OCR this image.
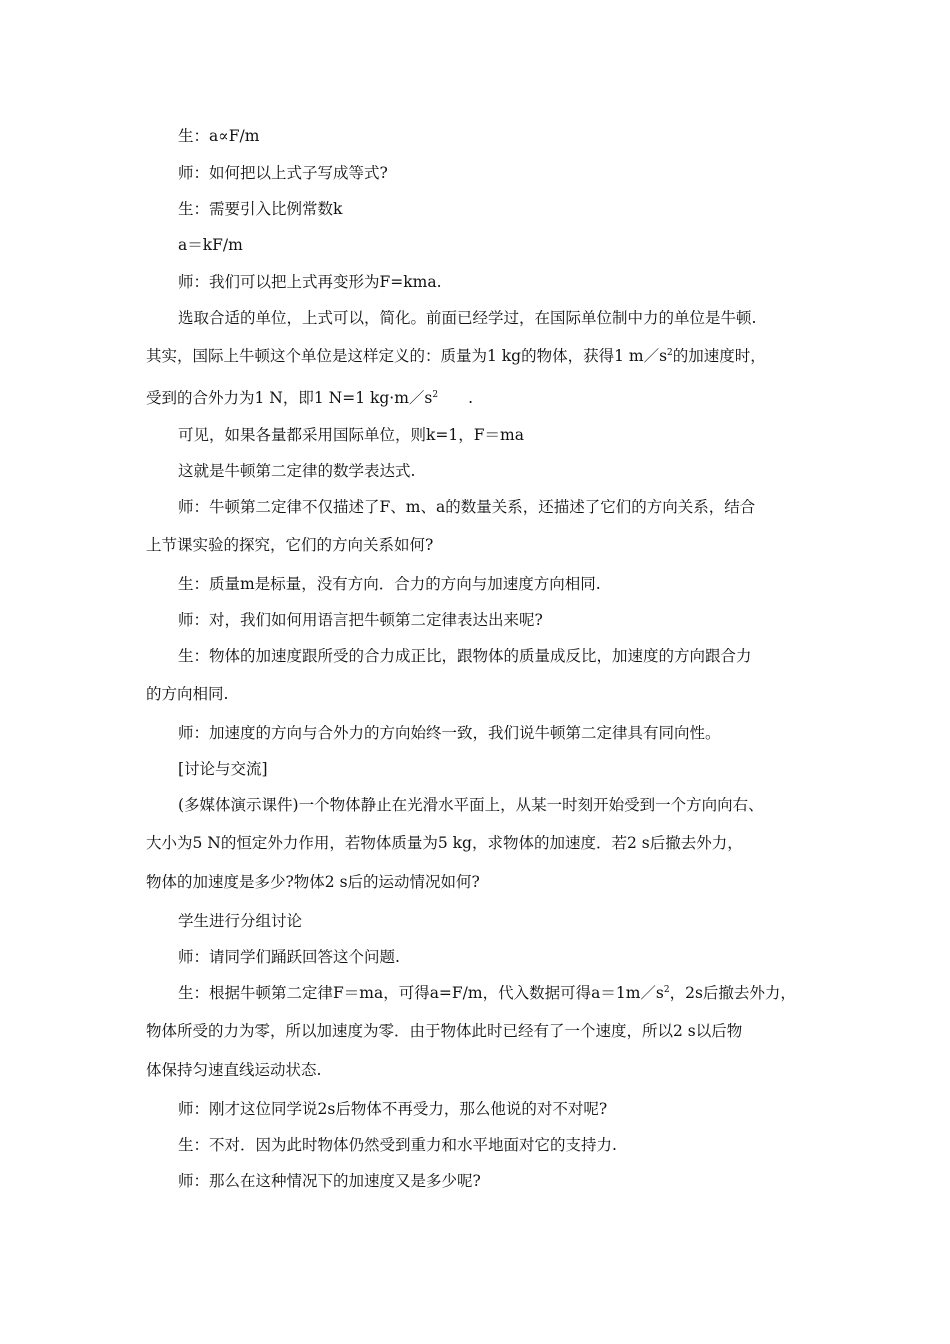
生：a∝F/m
师：如何把以上式子写成等式?
生：需要引入比例常数k
a＝kF/m
师：我们可以把上式再变形为F=kma.
选取合适的单位，上式可以，简化。前面已经学过，在国际单位制中力的单位是牛顿.
其实，国际上牛顿这个单位是这样定义的：质量为1 kg的物体，获得1 $m/s^2$的加速度时，
受到的合外力为1 N，即1 N=1 $kg\cdot m/s^2$ .
可见，如果各量都采用国际单位，则k=1，F＝ma
这就是牛顿第二定律的数学表达式.
师：牛顿第二定律不仅描述了F、m、a的数量关系，还描述了它们的方向关系，结合
上节课实验的探究，它们的方向关系如何?
生：质量m是标量，没有方向．合力的方向与加速度方向相同.
师：对，我们如何用语言把牛顿第二定律表达出来呢?
生：物体的加速度跟所受的合力成正比，跟物体的质量成反比，加速度的方向跟合力
的方向相同.
师：加速度的方向与合外力的方向始终一致，我们说牛顿第二定律具有同向性。
[讨论与交流]
(多媒体演示课件)一个物体静止在光滑水平面上，从某一时刻开始受到一个方向向右、
大小为5 N的恒定外力作用，若物体质量为5 kg，求物体的加速度．若2 s后撤去外力，
物体的加速度是多少?物体2 s后的运动情况如何?
学生进行分组讨论
师：请同学们踊跃回答这个问题.
生：根据牛顿第二定律F＝ma，可得a=F/m，代入数据可得$a=1m/s^2$，2s后撤去外力，
物体所受的力为零，所以加速度为零．由于物体此时已经有了一个速度，所以2 s以后物
体保持匀速直线运动状态.
师：刚才这位同学说2s后物体不再受力，那么他说的对不对呢?
生：不对．因为此时物体仍然受到重力和水平地面对它的支持力.
师：那么在这种情况下的加速度又是多少呢?
